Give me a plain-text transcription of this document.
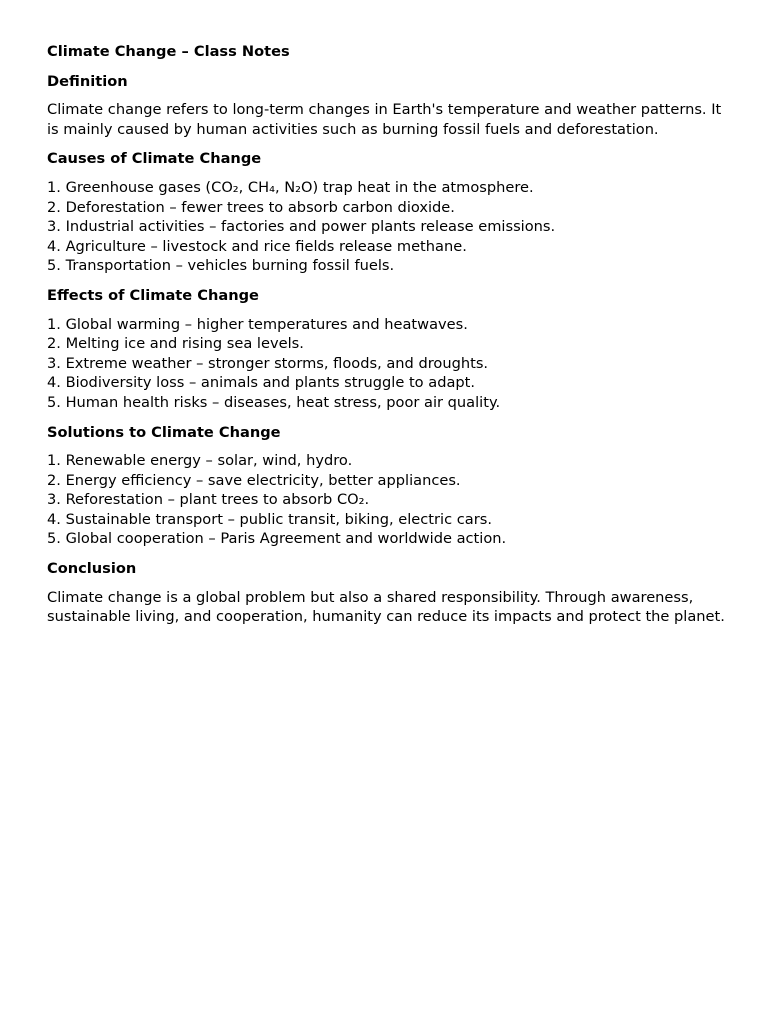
Climate Change – Class Notes

Definition

Climate change refers to long-term changes in Earth's temperature and weather patterns. It is mainly caused by human activities such as burning fossil fuels and deforestation.

Causes of Climate Change

1. Greenhouse gases (CO₂, CH₄, N₂O) trap heat in the atmosphere.
2. Deforestation – fewer trees to absorb carbon dioxide.
3. Industrial activities – factories and power plants release emissions.
4. Agriculture – livestock and rice fields release methane.
5. Transportation – vehicles burning fossil fuels.

Effects of Climate Change

1. Global warming – higher temperatures and heatwaves.
2. Melting ice and rising sea levels.
3. Extreme weather – stronger storms, floods, and droughts.
4. Biodiversity loss – animals and plants struggle to adapt.
5. Human health risks – diseases, heat stress, poor air quality.

Solutions to Climate Change

1. Renewable energy – solar, wind, hydro.
2. Energy efficiency – save electricity, better appliances.
3. Reforestation – plant trees to absorb CO₂.
4. Sustainable transport – public transit, biking, electric cars.
5. Global cooperation – Paris Agreement and worldwide action.

Conclusion

Climate change is a global problem but also a shared responsibility. Through awareness, sustainable living, and cooperation, humanity can reduce its impacts and protect the planet.
